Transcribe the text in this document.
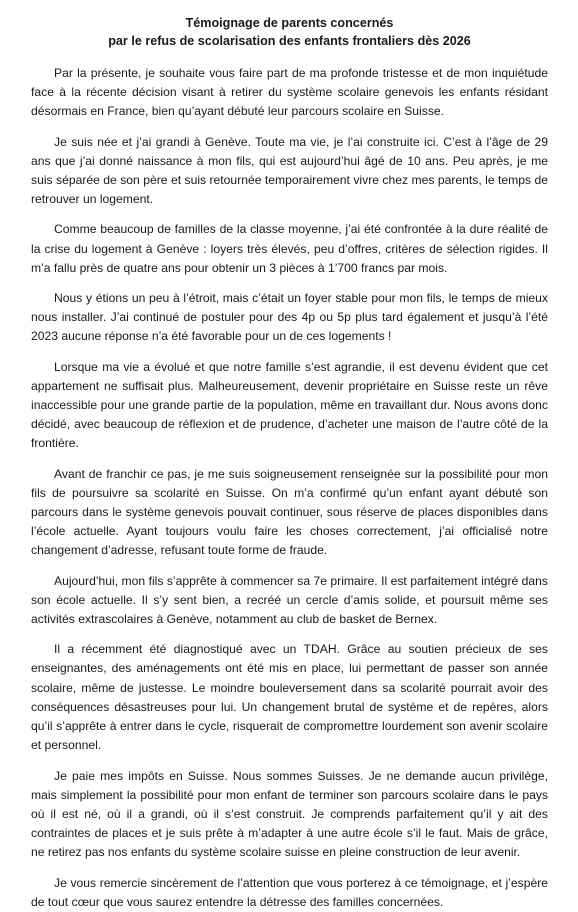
Témoignage de parents concernés
par le refus de scolarisation des enfants frontaliers dès 2026

Par la présente, je souhaite vous faire part de ma profonde tristesse et de mon inquiétude face à la récente décision visant à retirer du système scolaire genevois les enfants résidant désormais en France, bien qu’ayant débuté leur parcours scolaire en Suisse.

Je suis née et j’ai grandi à Genève. Toute ma vie, je l’ai construite ici. C’est à l’âge de 29 ans que j’ai donné naissance à mon fils, qui est aujourd’hui âgé de 10 ans. Peu après, je me suis séparée de son père et suis retournée temporairement vivre chez mes parents, le temps de retrouver un logement.

Comme beaucoup de familles de la classe moyenne, j’ai été confrontée à la dure réalité de la crise du logement à Genève : loyers très élevés, peu d’offres, critères de sélection rigides. Il m’a fallu près de quatre ans pour obtenir un 3 pièces à 1’700 francs par mois.

Nous y étions un peu à l’étroit, mais c’était un foyer stable pour mon fils, le temps de mieux nous installer. J’ai continué de postuler pour des 4p ou 5p plus tard également et jusqu’à l’été 2023 aucune réponse n’a été favorable pour un de ces logements !

Lorsque ma vie a évolué et que notre famille s’est agrandie, il est devenu évident que cet appartement ne suffisait plus. Malheureusement, devenir propriétaire en Suisse reste un rêve inaccessible pour une grande partie de la population, même en travaillant dur. Nous avons donc décidé, avec beaucoup de réflexion et de prudence, d’acheter une maison de l’autre côté de la frontière.

Avant de franchir ce pas, je me suis soigneusement renseignée sur la possibilité pour mon fils de poursuivre sa scolarité en Suisse. On m’a confirmé qu’un enfant ayant débuté son parcours dans le système genevois pouvait continuer, sous réserve de places disponibles dans l’école actuelle. Ayant toujours voulu faire les choses correctement, j’ai officialisé notre changement d’adresse, refusant toute forme de fraude.

Aujourd’hui, mon fils s’apprête à commencer sa 7e primaire. Il est parfaitement intégré dans son école actuelle. Il s’y sent bien, a recréé un cercle d’amis solide, et poursuit même ses activités extrascolaires à Genève, notamment au club de basket de Bernex.

Il a récemment été diagnostiqué avec un TDAH. Grâce au soutien précieux de ses enseignantes, des aménagements ont été mis en place, lui permettant de passer son année scolaire, même de justesse. Le moindre bouleversement dans sa scolarité pourrait avoir des conséquences désastreuses pour lui. Un changement brutal de système et de repères, alors qu’il s’apprête à entrer dans le cycle, risquerait de compromettre lourdement son avenir scolaire et personnel.

Je paie mes impôts en Suisse. Nous sommes Suisses. Je ne demande aucun privilège, mais simplement la possibilité pour mon enfant de terminer son parcours scolaire dans le pays où il est né, où il a grandi, où il s’est construit. Je comprends parfaitement qu’il y ait des contraintes de places et je suis prête à m’adapter à une autre école s’il le faut. Mais de grâce, ne retirez pas nos enfants du système scolaire suisse en pleine construction de leur avenir.

Je vous remercie sincèrement de l’attention que vous porterez à ce témoignage, et j’espère de tout cœur que vous saurez entendre la détresse des familles concernées.
